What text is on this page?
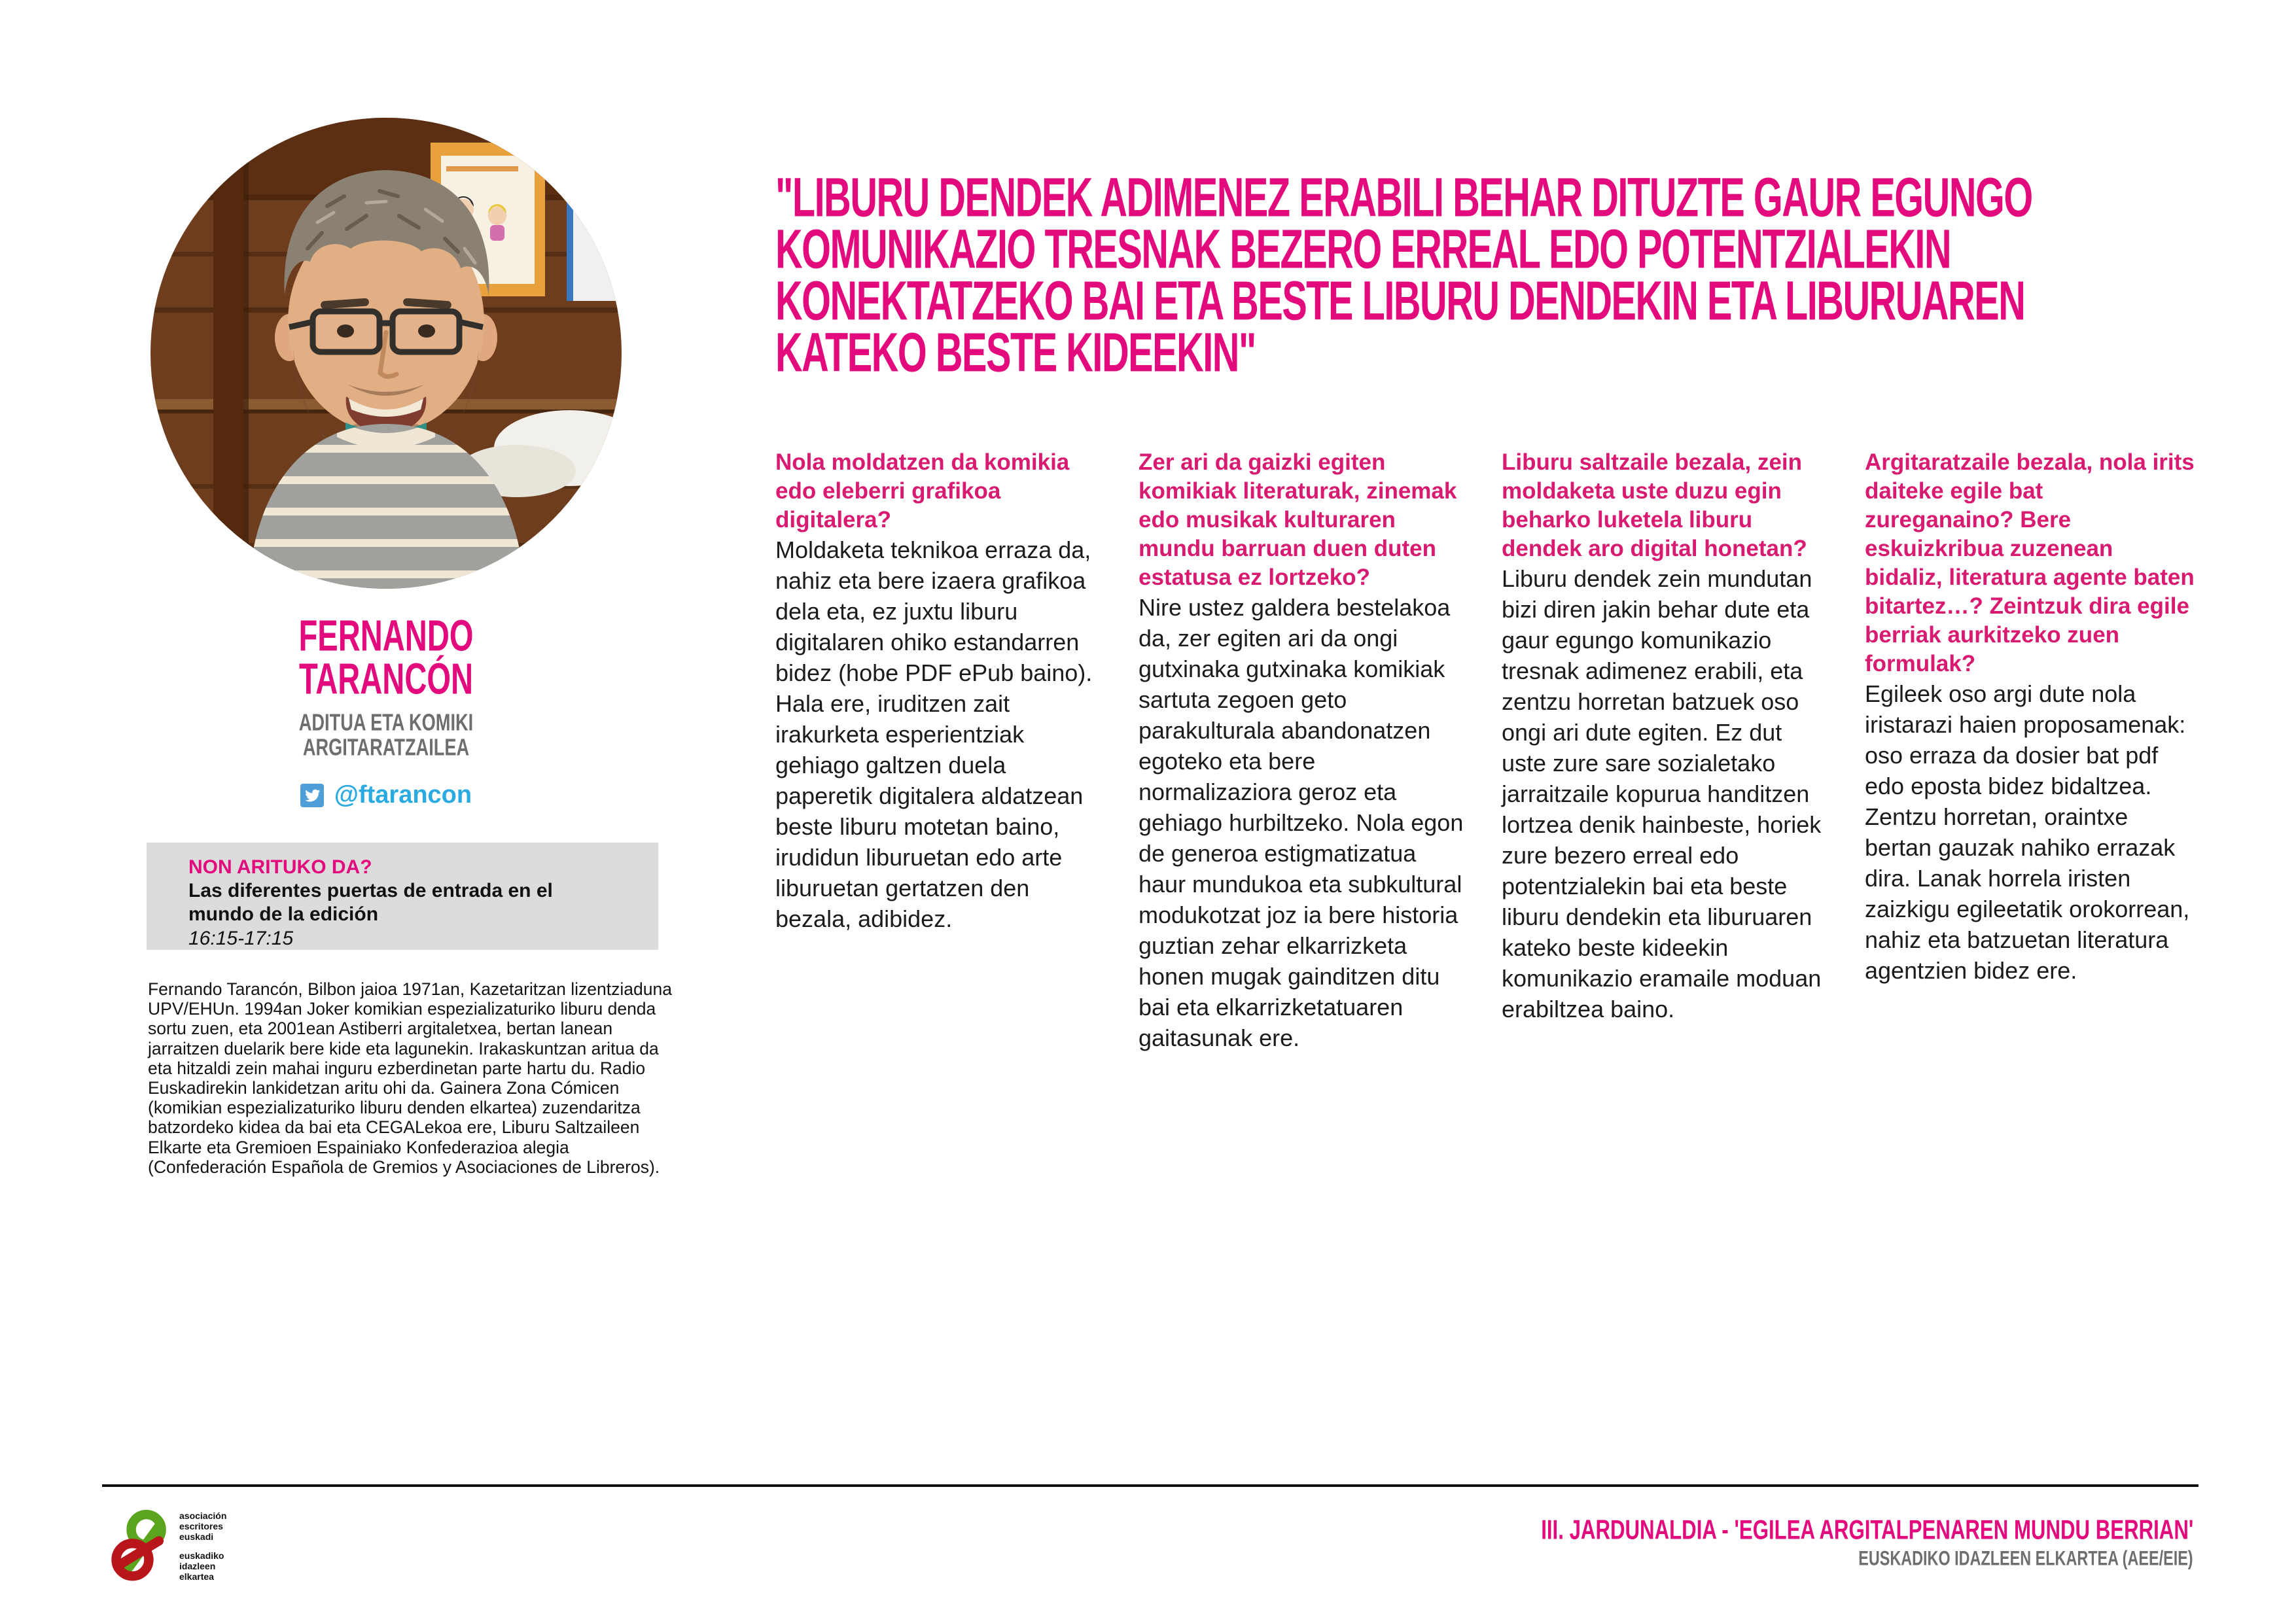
"LIBURU DENDEK ADIMENEZ ERABILI BEHAR DITUZTE GAUR EGUNGO
KOMUNIKAZIO TRESNAK BEZERO ERREAL EDO POTENTZIALEKIN
KONEKTATZEKO BAI ETA BESTE LIBURU DENDEKIN ETA LIBURUAREN
KATEKO BESTE KIDEEKIN"
FERNANDO
TARANCÓN
ADITUA ETA KOMIKI
ARGITARATZAILEA
@ftarancon
NON ARITUKO DA?
Las diferentes puertas de entrada en el mundo de la edición
16:15-17:15
Fernando Tarancón, Bilbon jaioa 1971an, Kazetaritzan lizentziaduna UPV/EHUn. 1994an Joker komikian espezializaturiko liburu denda sortu zuen, eta 2001ean Astiberri argitaletxea, bertan lanean jarraitzen duelarik bere kide eta lagunekin. Irakaskuntzan aritua da eta hitzaldi zein mahai inguru ezberdinetan parte hartu du. Radio Euskadirekin lankidetzan aritu ohi da. Gainera Zona Cómicen (komikian espezializaturiko liburu denden elkartea) zuzendaritza batzordeko kidea da bai eta CEGALekoa ere, Liburu Saltzaileen Elkarte eta Gremioen Espainiako Konfederazioa alegia (Confederación Española de Gremios y Asociaciones de Libreros).
Nola moldatzen da komikia edo eleberri grafikoa digitalera?
Moldaketa teknikoa erraza da, nahiz eta bere izaera grafikoa dela eta, ez juxtu liburu digitalaren ohiko estandarren bidez (hobe PDF ePub baino). Hala ere, iruditzen zait irakurketa esperientziak gehiago galtzen duela paperetik digitalera aldatzean beste liburu motetan baino, irudidun liburuetan edo arte liburuetan gertatzen den bezala, adibidez.
Zer ari da gaizki egiten komikiak literaturak, zinemak edo musikak kulturaren mundu barruan duen duten estatusa ez lortzeko?
Nire ustez galdera bestelakoa da, zer egiten ari da ongi gutxinaka gutxinaka komikiak sartuta zegoen geto parakulturala abandonatzen egoteko eta bere normalizaziora geroz eta gehiago hurbiltzeko. Nola egon de generoa estigmatizatua haur mundukoa eta subkultural modukotzat joz ia bere historia guztian zehar elkarrizketa honen mugak gainditzen ditu bai eta elkarrizketatuaren gaitasunak ere.
Liburu saltzaile bezala, zein moldaketa uste duzu egin beharko luketela liburu dendek aro digital honetan?
Liburu dendek zein mundutan bizi diren jakin behar dute eta gaur egungo komunikazio tresnak adimenez erabili, eta zentzu horretan batzuek oso ongi ari dute egiten. Ez dut uste zure sare sozialetako jarraitzaile kopurua handitzen lortzea denik hainbeste, horiek zure bezero erreal edo potentzialekin bai eta beste liburu dendekin eta liburuaren kateko beste kideekin komunikazio eramaile moduan erabiltzea baino.
Argitaratzaile bezala, nola irits daiteke egile bat zureganaino? Bere eskuizkribua zuzenean bidaliz, literatura agente baten bitartez…? Zeintzuk dira egile berriak aurkitzeko zuen formulak?
Egileek oso argi dute nola iristarazi haien proposamenak: oso erraza da dosier bat pdf edo eposta bidez bidaltzea. Zentzu horretan, oraintxe bertan gauzak nahiko errazak dira. Lanak horrela iristen zaizkigu egileetatik orokorrean, nahiz eta batzuetan literatura agentzien bidez ere.
asociación
escritores
euskadi
euskadiko
idazleen
elkartea
III. JARDUNALDIA - 'EGILEA ARGITALPENAREN MUNDU BERRIAN'
EUSKADIKO IDAZLEEN ELKARTEA (AEE/EIE)
